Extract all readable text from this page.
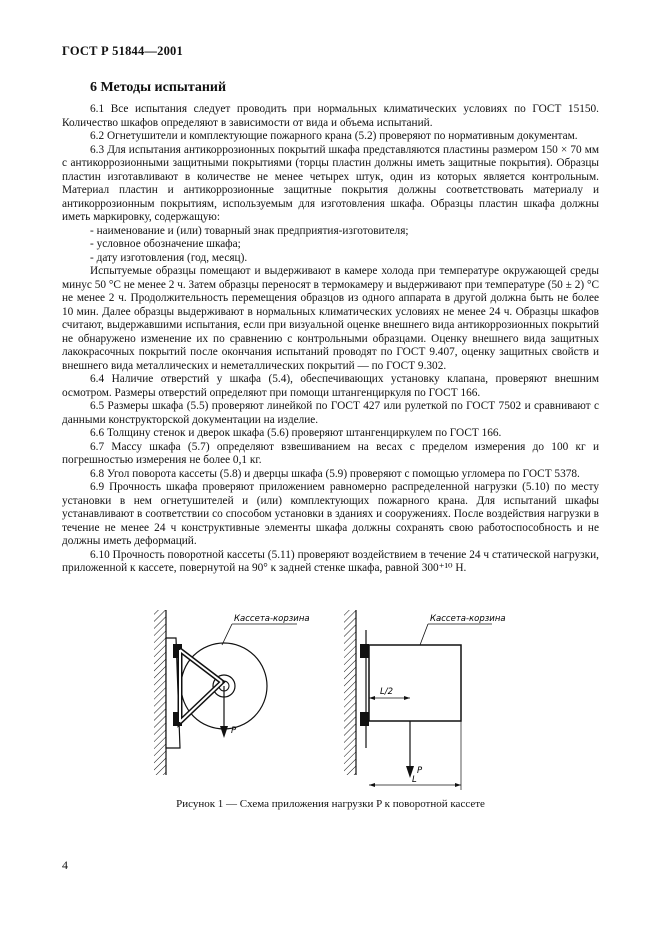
ГОСТ Р 51844—2001
6 Методы испытаний

6.1 Все испытания следует проводить при нормальных климатических условиях по ГОСТ 15150. Количество шкафов определяют в зависимости от вида и объема испытаний.

6.2 Огнетушители и комплектующие пожарного крана (5.2) проверяют по нормативным документам.

6.3 Для испытания антикоррозионных покрытий шкафа представляются пластины размером 150 × 70 мм с антикоррозионными защитными покрытиями (торцы пластин должны иметь защитные покрытия). Образцы пластин изготавливают в количестве не менее четырех штук, один из которых является контрольным. Материал пластин и антикоррозионные защитные покрытия должны соответствовать материалу и антикоррозионным покрытиям, используемым для изготовления шкафа. Образцы пластин шкафа должны иметь маркировку, содержащую:

- наименование и (или) товарный знак предприятия-изготовителя;

- условное обозначение шкафа;

- дату изготовления (год, месяц).

Испытуемые образцы помещают и выдерживают в камере холода при температуре окружающей среды минус 50 °С не менее 2 ч. Затем образцы переносят в термокамеру и выдерживают при температуре (50 ± 2) °С не менее 2 ч. Продолжительность перемещения образцов из одного аппарата в другой должна быть не более 10 мин. Далее образцы выдерживают в нормальных климатических условиях не менее 24 ч. Образцы шкафов считают, выдержавшими испытания, если при визуальной оценке внешнего вида антикоррозионных покрытий не обнаружено изменение их по сравнению с контрольными образцами. Оценку внешнего вида защитных лакокрасочных покрытий после окончания испытаний проводят по ГОСТ 9.407, оценку защитных свойств и внешнего вида металлических и неметаллических покрытий — по ГОСТ 9.302.

6.4 Наличие отверстий у шкафа (5.4), обеспечивающих установку клапана, проверяют внешним осмотром. Размеры отверстий определяют при помощи штангенциркуля по ГОСТ 166.

6.5 Размеры шкафа (5.5) проверяют линейкой по ГОСТ 427 или рулеткой по ГОСТ 7502 и сравнивают с данными конструкторской документации на изделие.

6.6 Толщину стенок и дверок шкафа (5.6) проверяют штангенциркулем по ГОСТ 166.

6.7 Массу шкафа (5.7) определяют взвешиванием на весах с пределом измерения до 100 кг и погрешностью измерения не более 0,1 кг.

6.8 Угол поворота кассеты (5.8) и дверцы шкафа (5.9) проверяют с помощью угломера по ГОСТ 5378.

6.9 Прочность шкафа проверяют приложением равномерно распределенной нагрузки (5.10) по месту установки в нем огнетушителей и (или) комплектующих пожарного крана. Для испытаний шкафы устанавливают в соответствии со способом установки в зданиях и сооружениях. После воздействия нагрузки в течение не менее 24 ч конструктивные элементы шкафа должны сохранять свою работоспособность и не должны иметь деформаций.

6.10 Прочность поворотной кассеты (5.11) проверяют воздействием в течение 24 ч статической нагрузки, приложенной к кассете, повернутой на 90° к задней стенке шкафа, равной 300⁺¹⁰ Н.

P
Кассета-корзина
P
L/2
L
Кассета-корзина
Рисунок 1 — Схема приложения нагрузки P к поворотной кассете
4
